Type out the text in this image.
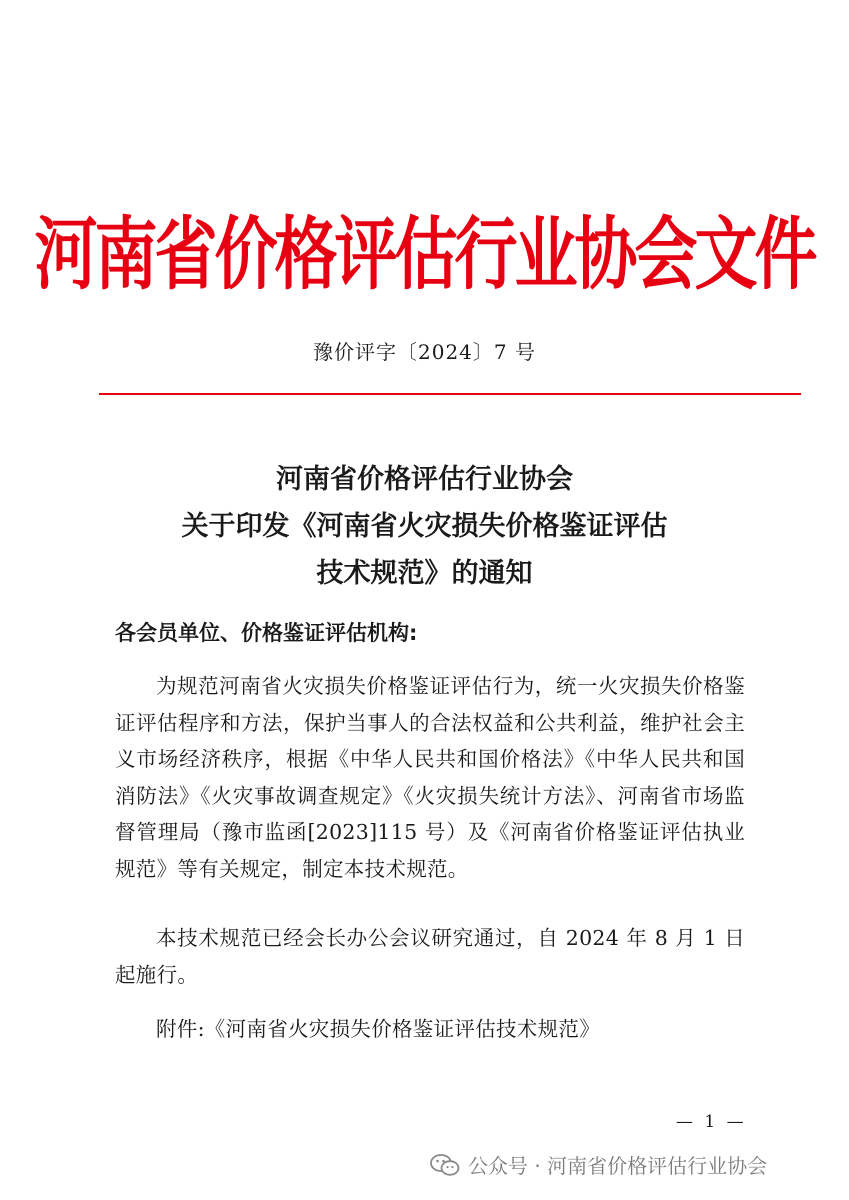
河南省价格评估行业协会文件
豫价评字〔2024〕7 号
河南省价格评估行业协会
关于印发《河南省火灾损失价格鉴证评估
技术规范》的通知
各会员单位、价格鉴证评估机构:
为规范河南省火灾损失价格鉴证评估行为，统一火灾损失价格鉴证评估程序和方法，保护当事人的合法权益和公共利益，维护社会主义市场经济秩序，根据《中华人民共和国价格法》《中华人民共和国消防法》《火灾事故调查规定》《火灾损失统计方法》、河南省市场监督管理局（豫市监函[2023]115 号）及《河南省价格鉴证评估执业规范》等有关规定，制定本技术规范。
本技术规范已经会长办公会议研究通过，自 2024 年 8 月 1 日起施行。
附件:《河南省火灾损失价格鉴证评估技术规范》
— 1 —
公众号 · 河南省价格评估行业协会
